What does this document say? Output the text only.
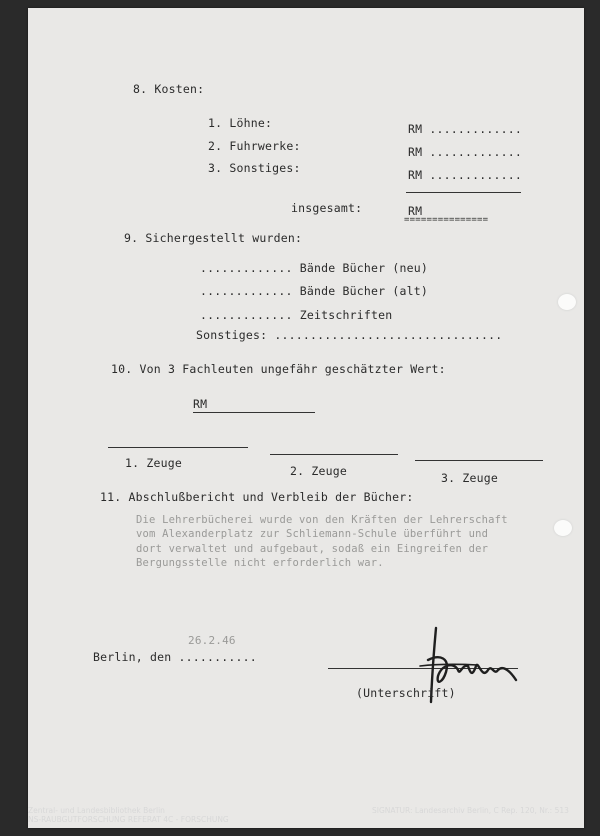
8. Kosten:
1. Löhne:	RM .............
2. Fuhrwerke:	RM .............
3. Sonstiges:	RM .............
insgesamt:	RM
===============
9. Sichergestellt wurden:
............. Bände Bücher (neu)
............. Bände Bücher (alt)
............. Zeitschriften
Sonstiges: ................................
10. Von 3 Fachleuten ungefähr geschätzter Wert:
RM
1. Zeuge
2. Zeuge	3. Zeuge
11. Abschlußbericht und Verbleib der Bücher:
Die Lehrerbücherei wurde von den Kräften der Lehrerschaft
vom Alexanderplatz zur Schliemann-Schule überführt und
dort verwaltet und aufgebaut, sodaß ein Eingreifen der
Bergungsstelle nicht erforderlich war.
26.2.46
Berlin, den ...........
(Unterschrift)
Zentral- und Landesbibliothek Berlin
NS-RAUBGUTFORSCHUNG REFERAT 4C - FORSCHUNG
SIGNATUR: Landesarchiv Berlin, C Rep. 120, Nr.: 513
